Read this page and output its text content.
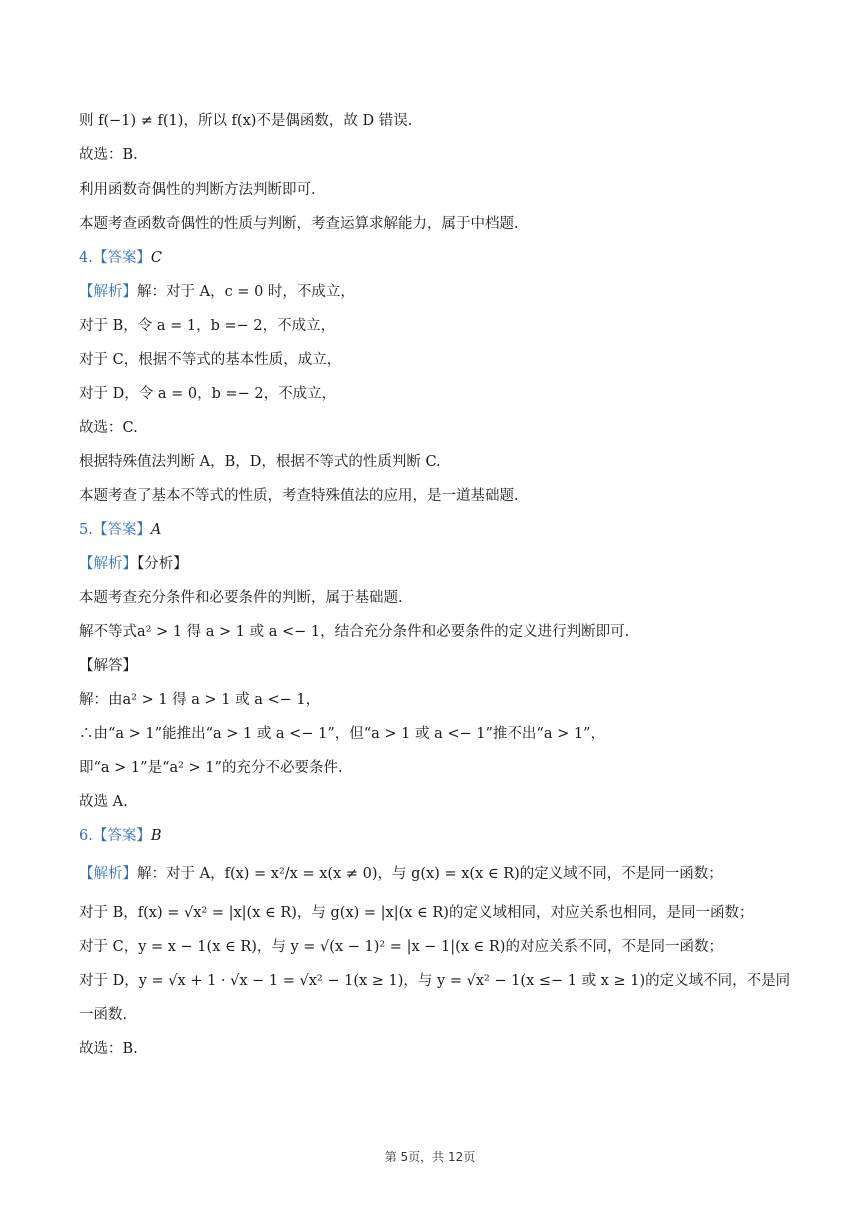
则 f(−1) ≠ f(1)，所以 f(x)不是偶函数，故 D 错误.
故选：B.
利用函数奇偶性的判断方法判断即可.
本题考查函数奇偶性的性质与判断，考查运算求解能力，属于中档题.
4.【答案】C
【解析】解：对于 A，c = 0 时，不成立，
对于 B，令 a = 1，b =− 2，不成立，
对于 C，根据不等式的基本性质，成立，
对于 D，令 a = 0，b =− 2，不成立，
故选：C.
根据特殊值法判断 A，B，D，根据不等式的性质判断 C.
本题考查了基本不等式的性质，考查特殊值法的应用，是一道基础题.
5.【答案】A
【解析】【分析】
本题考查充分条件和必要条件的判断，属于基础题.
解不等式a² > 1 得 a > 1 或 a <− 1，结合充分条件和必要条件的定义进行判断即可.
【解答】
解：由a² > 1 得 a > 1 或 a <− 1，
∴由“a > 1”能推出“a > 1 或 a <− 1”，但“a > 1 或 a <− 1”推不出“a > 1”，
即“a > 1”是“a² > 1”的充分不必要条件.
故选 A.
6.【答案】B
【解析】解：对于 A，f(x) = x²/x = x(x ≠ 0)，与 g(x) = x(x ∈ R)的定义域不同，不是同一函数；
对于 B，f(x) = √x² = |x|(x ∈ R)，与 g(x) = |x|(x ∈ R)的定义域相同，对应关系也相同，是同一函数；
对于 C，y = x − 1(x ∈ R)，与 y = √(x − 1)² = |x − 1|(x ∈ R)的对应关系不同，不是同一函数；
对于 D，y = √x + 1 · √x − 1 = √x² − 1(x ≥ 1)，与 y = √x² − 1(x ≤− 1 或 x ≥ 1)的定义域不同，不是同
一函数.
故选：B.
第 5页，共 12页
